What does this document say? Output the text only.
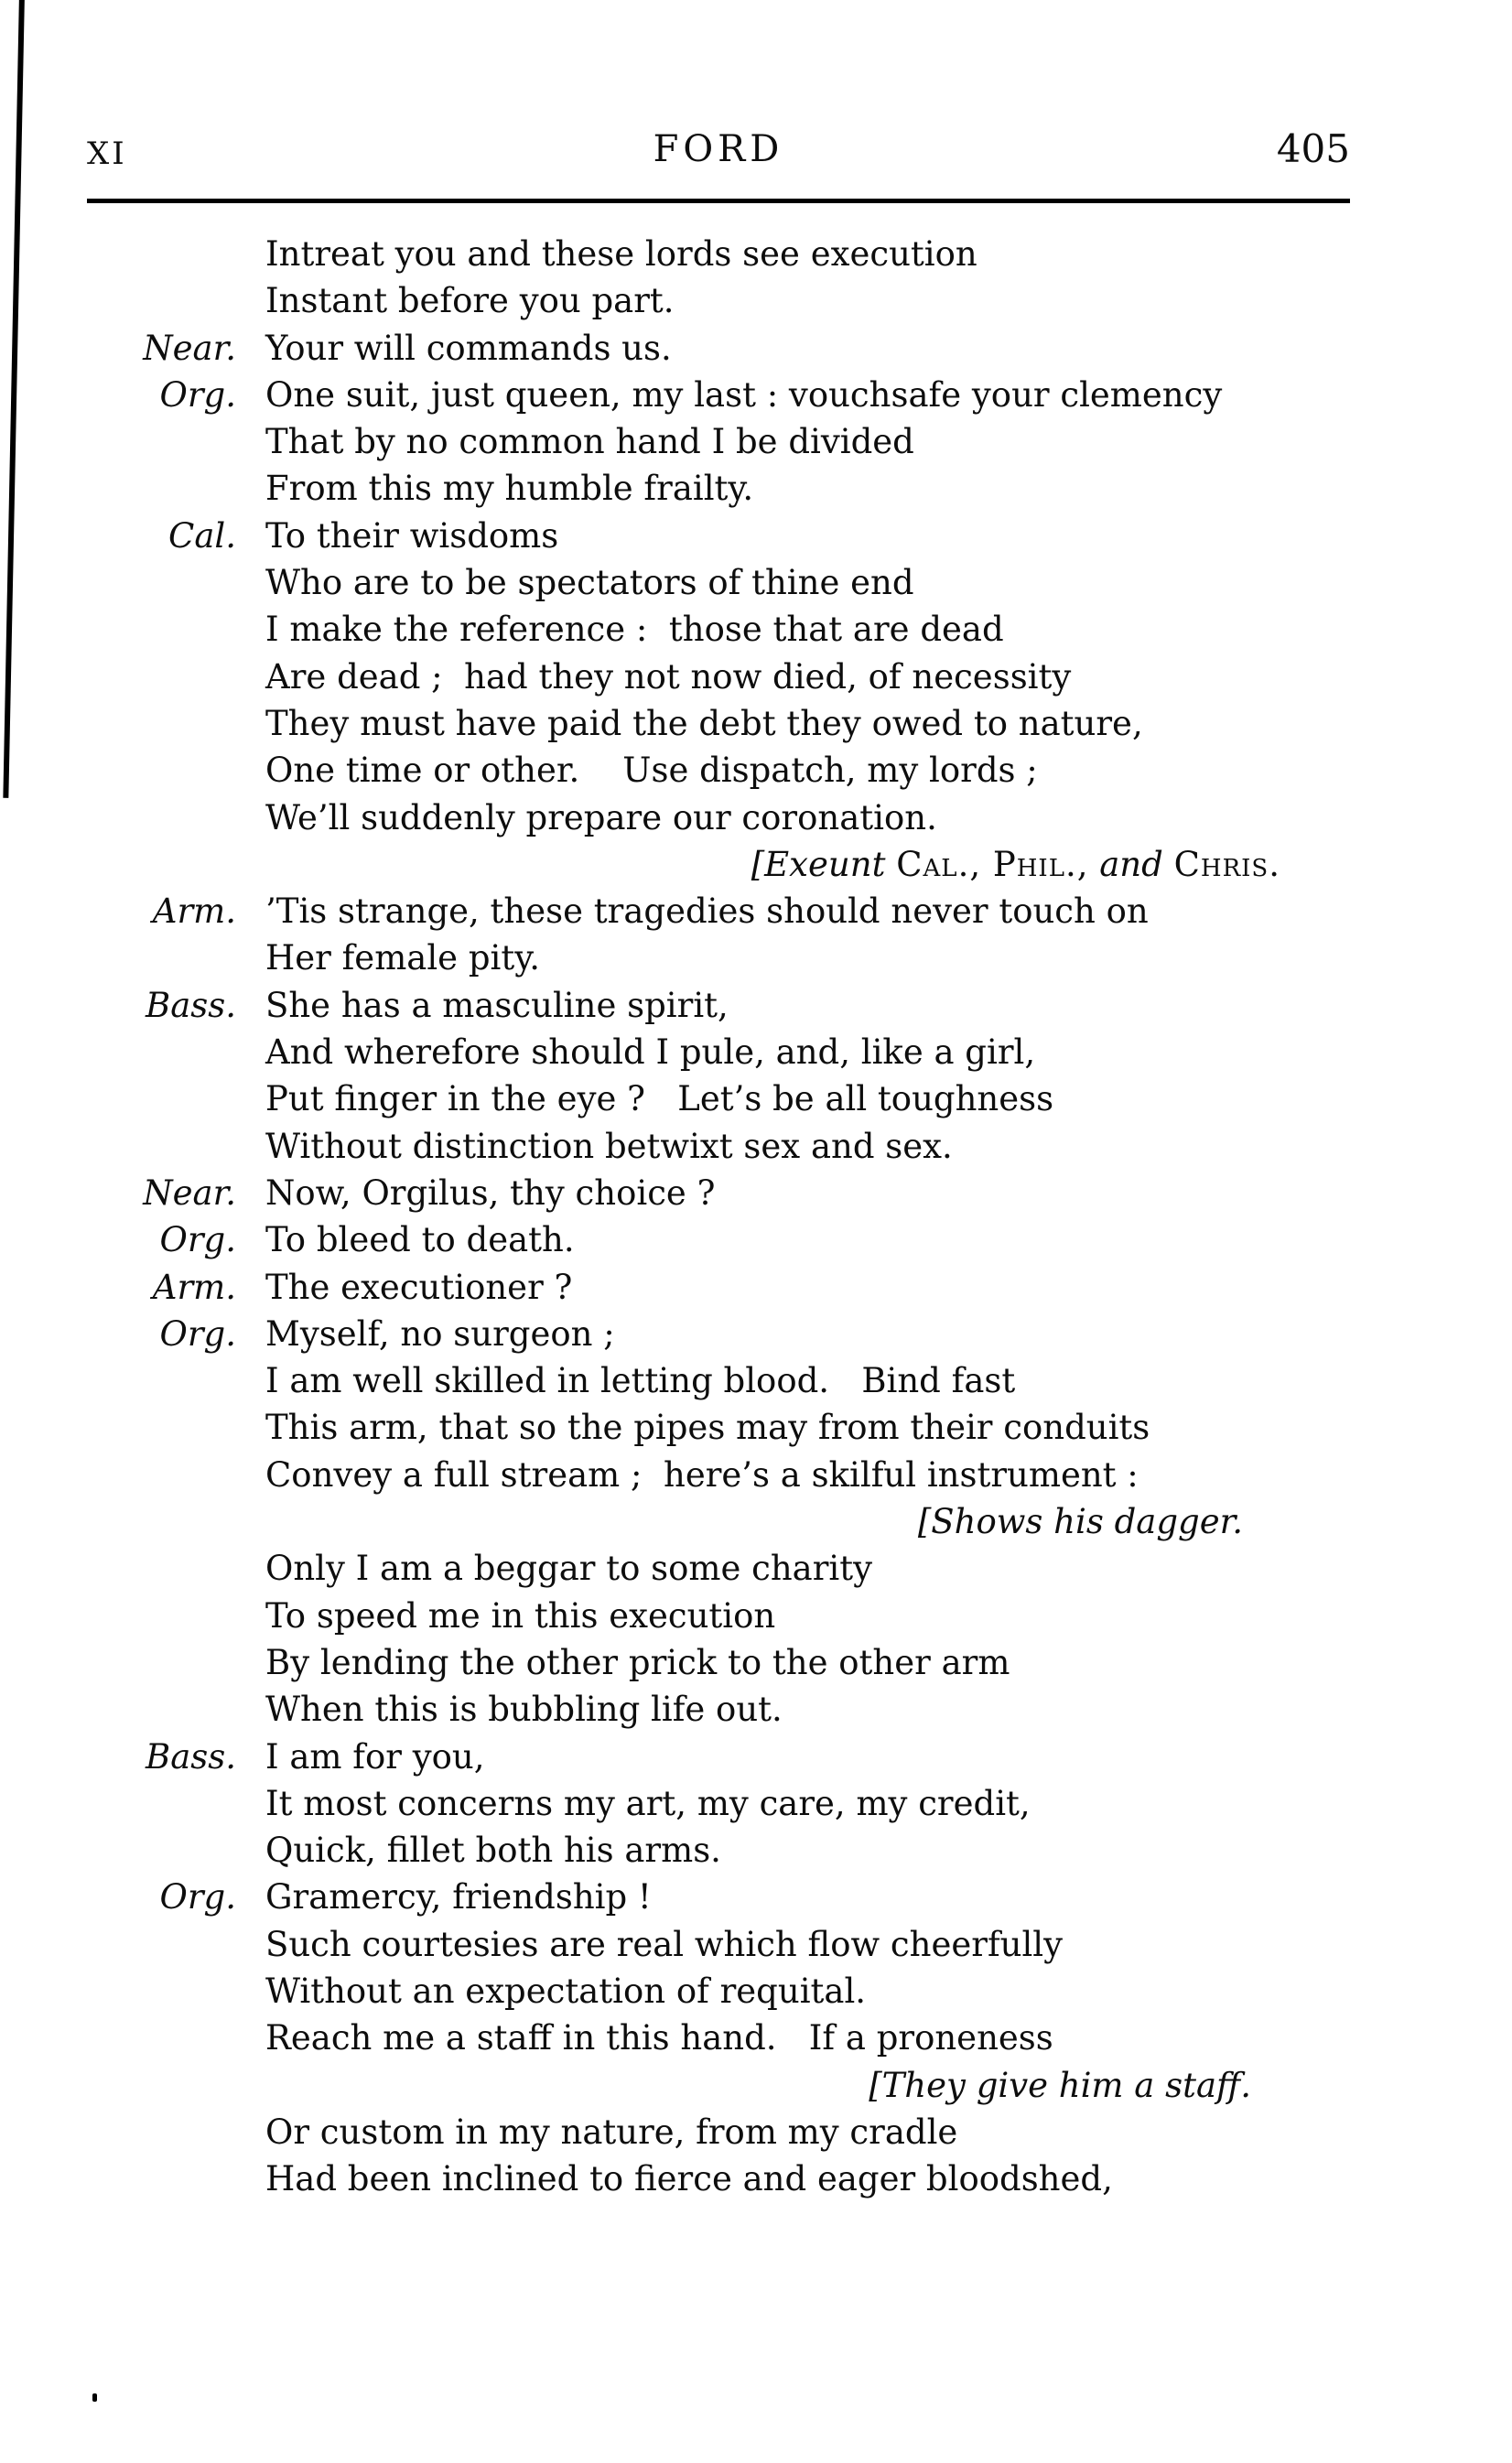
XI	FORD	405
Intreat you and these lords see execution
Instant before you part.
Near. Your will commands us.
Org. One suit, just queen, my last : vouchsafe your clemency
That by no common hand I be divided
From this my humble frailty.
Cal. To their wisdoms
Who are to be spectators of thine end
I make the reference :  those that are dead
Are dead ;  had they not now died, of necessity
They must have paid the debt they owed to nature,
One time or other.    Use dispatch, my lords ;
We’ll suddenly prepare our coronation.
[Exeunt Cal., Phil., and Chris.
Arm. ’Tis strange, these tragedies should never touch on
Her female pity.
Bass. She has a masculine spirit,
And wherefore should I pule, and, like a girl,
Put finger in the eye ?   Let’s be all toughness
Without distinction betwixt sex and sex.
Near. Now, Orgilus, thy choice ?
Org. To bleed to death.
Arm. The executioner ?
Org. Myself, no surgeon ;
I am well skilled in letting blood.   Bind fast
This arm, that so the pipes may from their conduits
Convey a full stream ;  here’s a skilful instrument :
[Shows his dagger.
Only I am a beggar to some charity
To speed me in this execution
By lending the other prick to the other arm
When this is bubbling life out.
Bass. I am for you,
It most concerns my art, my care, my credit,
Quick, fillet both his arms.
Org. Gramercy, friendship !
Such courtesies are real which flow cheerfully
Without an expectation of requital.
Reach me a staff in this hand.   If a proneness
[They give him a staff.
Or custom in my nature, from my cradle
Had been inclined to fierce and eager bloodshed,
